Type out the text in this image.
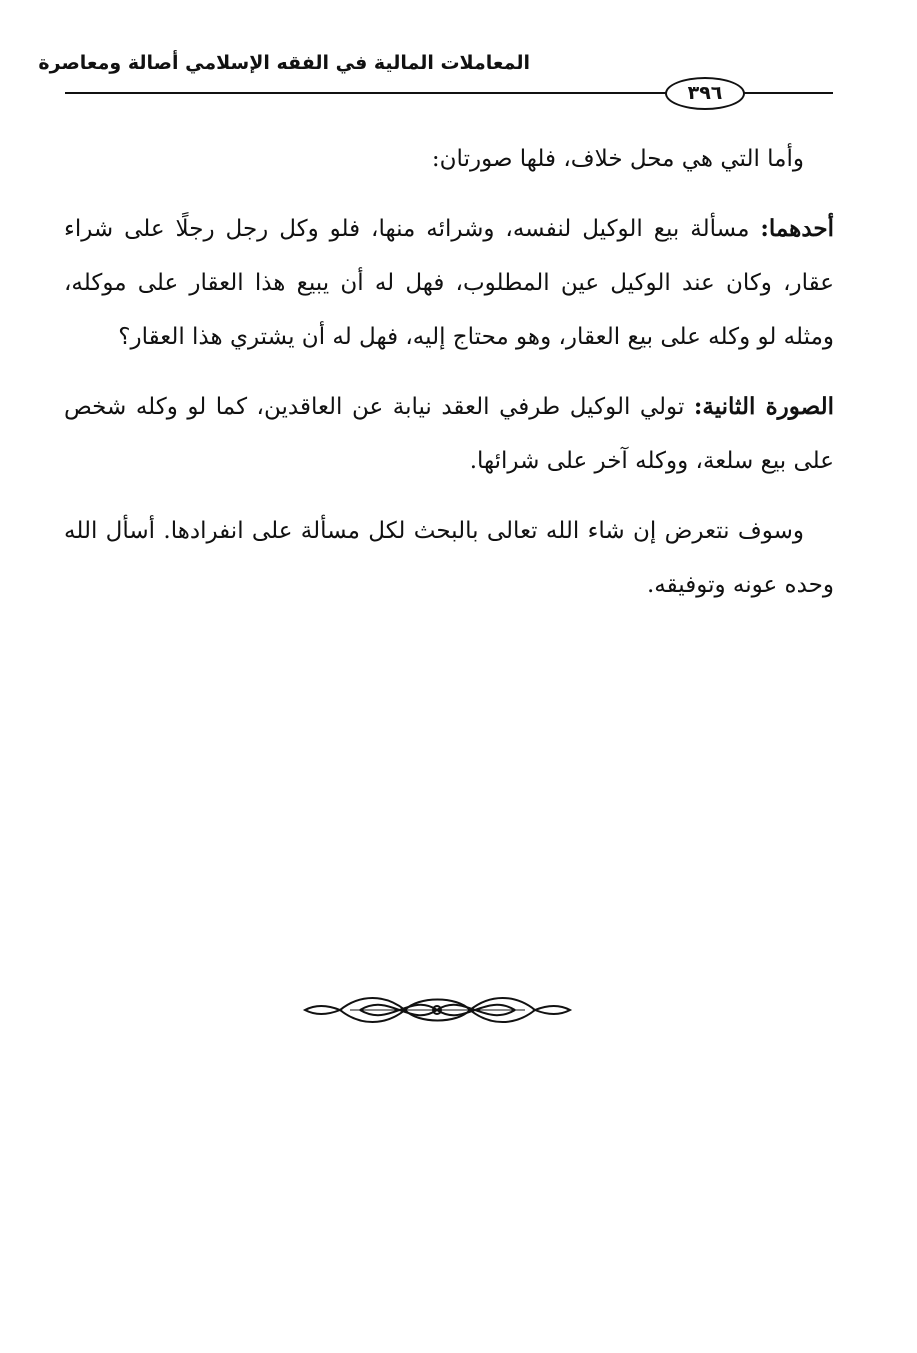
المعاملات المالية في الفقه الإسلامي أصالة ومعاصرة
٣٩٦

وأما التي هي محل خلاف، فلها صورتان:

أحدهما: مسألة بيع الوكيل لنفسه، وشرائه منها، فلو وكل رجل رجلًا على شراء عقار، وكان عند الوكيل عين المطلوب، فهل له أن يبيع هذا العقار على موكله، ومثله لو وكله على بيع العقار، وهو محتاج إليه، فهل له أن يشتري هذا العقار؟

الصورة الثانية: تولي الوكيل طرفي العقد نيابة عن العاقدين، كما لو وكله شخص على بيع سلعة، ووكله آخر على شرائها.

وسوف نتعرض إن شاء الله تعالى بالبحث لكل مسألة على انفرادها. أسأل الله وحده عونه وتوفيقه.
